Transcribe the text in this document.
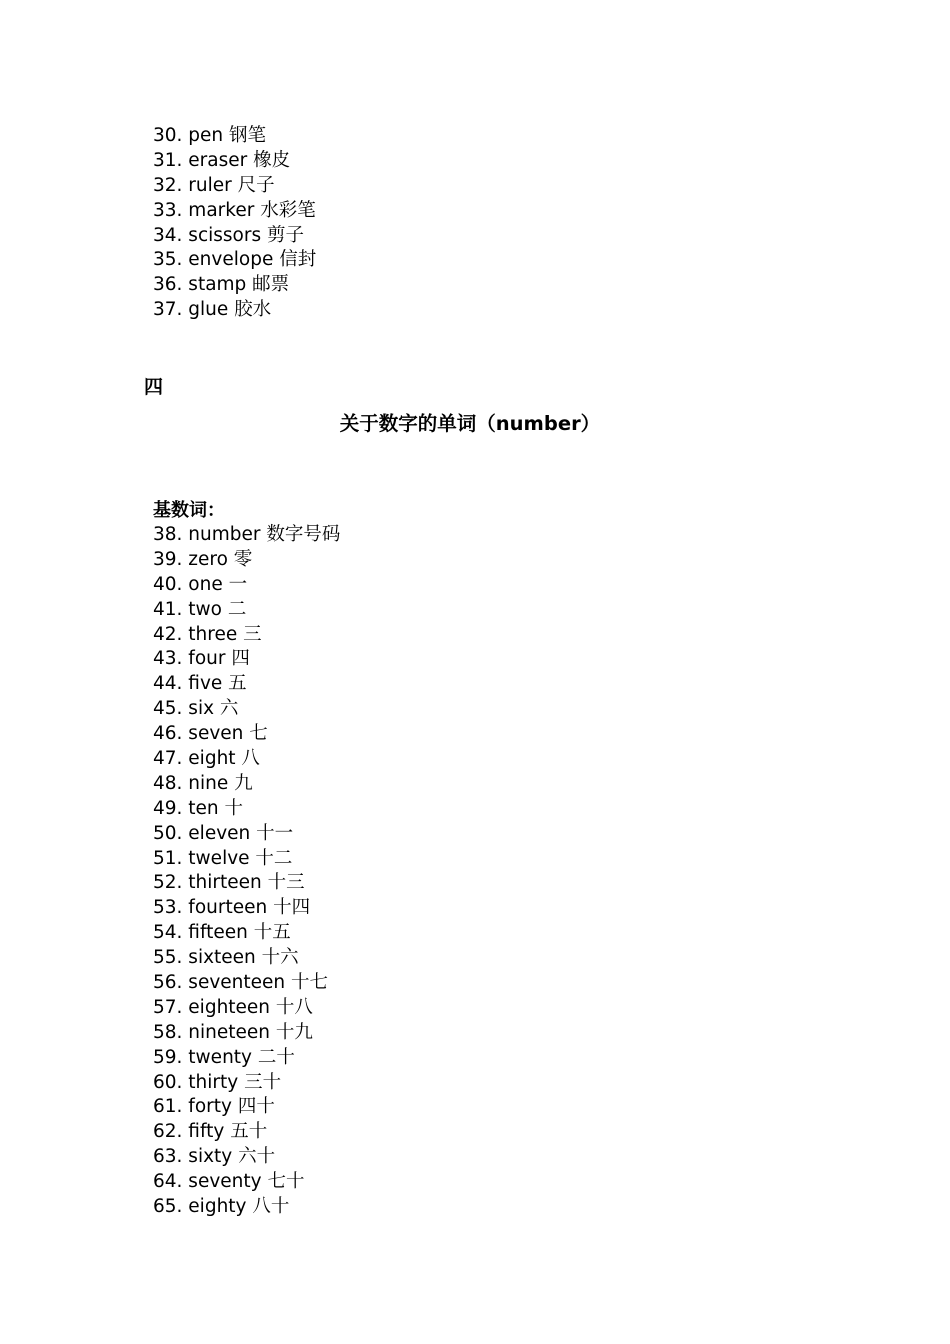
30. pen 钢笔
31. eraser 橡皮
32. ruler 尺子
33. marker 水彩笔
34. scissors 剪子
35. envelope 信封
36. stamp 邮票
37. glue 胶水
四
关于数字的单词（number）
基数词：
38. number 数字号码
39. zero 零
40. one 一
41. two 二
42. three 三
43. four 四
44. five 五
45. six 六
46. seven 七
47. eight 八
48. nine 九
49. ten 十
50. eleven 十一
51. twelve 十二
52. thirteen 十三
53. fourteen 十四
54. fifteen 十五
55. sixteen 十六
56. seventeen 十七
57. eighteen 十八
58. nineteen 十九
59. twenty 二十
60. thirty 三十
61. forty 四十
62. fifty 五十
63. sixty 六十
64. seventy 七十
65. eighty 八十
